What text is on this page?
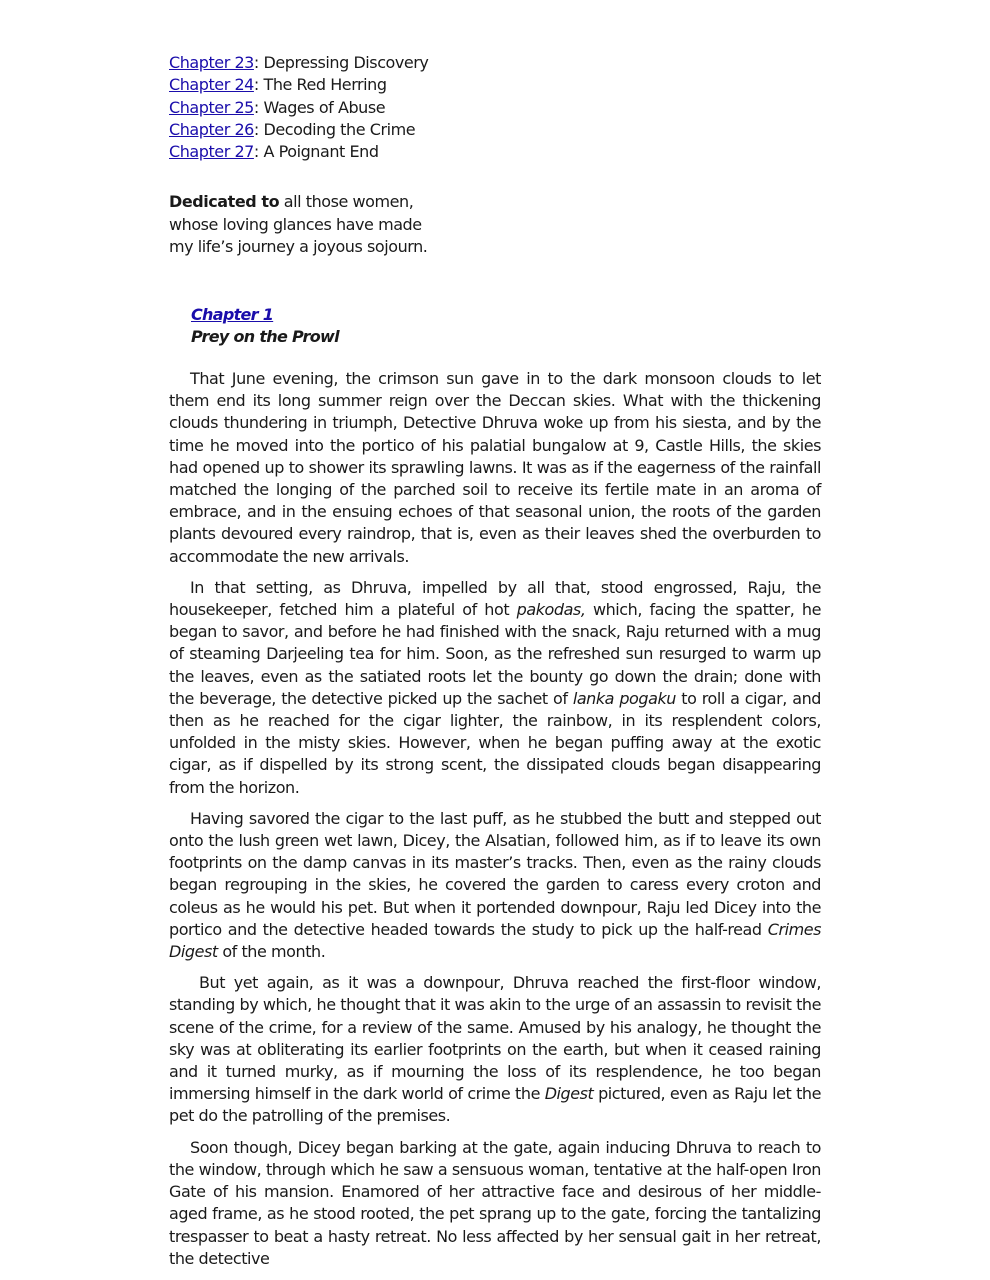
Chapter 23: Depressing Discovery
Chapter 24: The Red Herring
Chapter 25: Wages of Abuse
Chapter 26: Decoding the Crime
Chapter 27: A Poignant End
Dedicated to all those women,
whose loving glances have made
my life’s journey a joyous sojourn.
Chapter 1
Prey on the Prowl

That June evening, the crimson sun gave in to the dark monsoon clouds to let them end its long summer reign over the Deccan skies. What with the thickening clouds thundering in triumph, Detective Dhruva woke up from his siesta, and by the time he moved into the portico of his palatial bungalow at 9, Castle Hills, the skies had opened up to shower its sprawling lawns. It was as if the eagerness of the rainfall matched the longing of the parched soil to receive its fertile mate in an aroma of embrace, and in the ensuing echoes of that seasonal union, the roots of the garden plants devoured every raindrop, that is, even as their leaves shed the overburden to accommodate the new arrivals.

In that setting, as Dhruva, impelled by all that, stood engrossed, Raju, the housekeeper, fetched him a plateful of hot pakodas, which, facing the spatter, he began to savor, and before he had finished with the snack, Raju returned with a mug of steaming Darjeeling tea for him. Soon, as the refreshed sun resurged to warm up the leaves, even as the satiated roots let the bounty go down the drain; done with the beverage, the detective picked up the sachet of lanka pogaku to roll a cigar, and then as he reached for the cigar lighter, the rainbow, in its resplendent colors, unfolded in the misty skies. However, when he began puffing away at the exotic cigar, as if dispelled by its strong scent, the dissipated clouds began disappearing from the horizon.

Having savored the cigar to the last puff, as he stubbed the butt and stepped out onto the lush green wet lawn, Dicey, the Alsatian, followed him, as if to leave its own footprints on the damp canvas in its master’s tracks. Then, even as the rainy clouds began regrouping in the skies, he covered the garden to caress every croton and coleus as he would his pet. But when it portended downpour, Raju led Dicey into the portico and the detective headed towards the study to pick up the half-read Crimes Digest of the month.

But yet again, as it was a downpour, Dhruva reached the first-floor window, standing by which, he thought that it was akin to the urge of an assassin to revisit the scene of the crime, for a review of the same. Amused by his analogy, he thought the sky was at obliterating its earlier footprints on the earth, but when it ceased raining and it turned murky, as if mourning the loss of its resplendence, he too began immersing himself in the dark world of crime the Digest pictured, even as Raju let the pet do the patrolling of the premises.

Soon though, Dicey began barking at the gate, again inducing Dhruva to reach to the window, through which he saw a sensuous woman, tentative at the half-open Iron Gate of his mansion. Enamored of her attractive face and desirous of her middle-aged frame, as he stood rooted, the pet sprang up to the gate, forcing the tantalizing trespasser to beat a hasty retreat. No less affected by her sensual gait in her retreat, the detective
